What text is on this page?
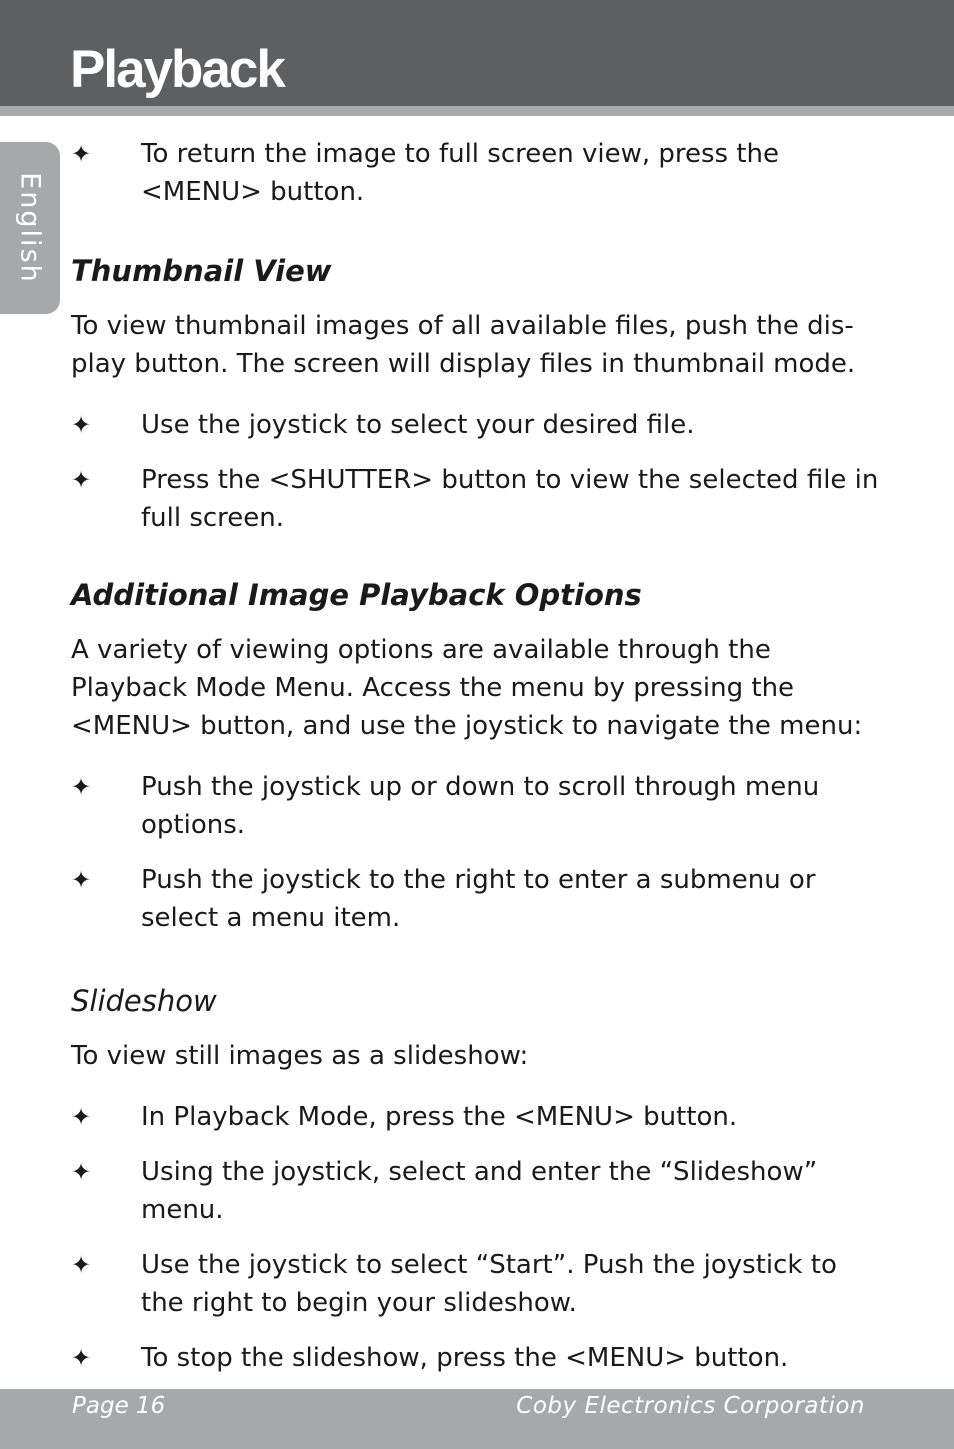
Playback
English

✦	To return the image to full screen view, press the <MENU> button.

Thumbnail View

To view thumbnail images of all available files, push the dis-play button. The screen will display files in thumbnail mode.

✦	Use the joystick to select your desired file.

✦	Press the <SHUTTER> button to view the selected file in full screen.

Additional Image Playback Options

A variety of viewing options are available through the Playback Mode Menu. Access the menu by pressing the <MENU> button, and use the joystick to navigate the menu:

✦	Push the joystick up or down to scroll through menu options.

✦	Push the joystick to the right to enter a submenu or select a menu item.

Slideshow

To view still images as a slideshow:

✦	In Playback Mode, press the <MENU> button.

✦	Using the joystick, select and enter the “Slideshow” menu.

✦	Use the joystick to select “Start”. Push the joystick to the right to begin your slideshow.

✦	To stop the slideshow, press the <MENU> button.

Page 16	Coby Electronics Corporation
